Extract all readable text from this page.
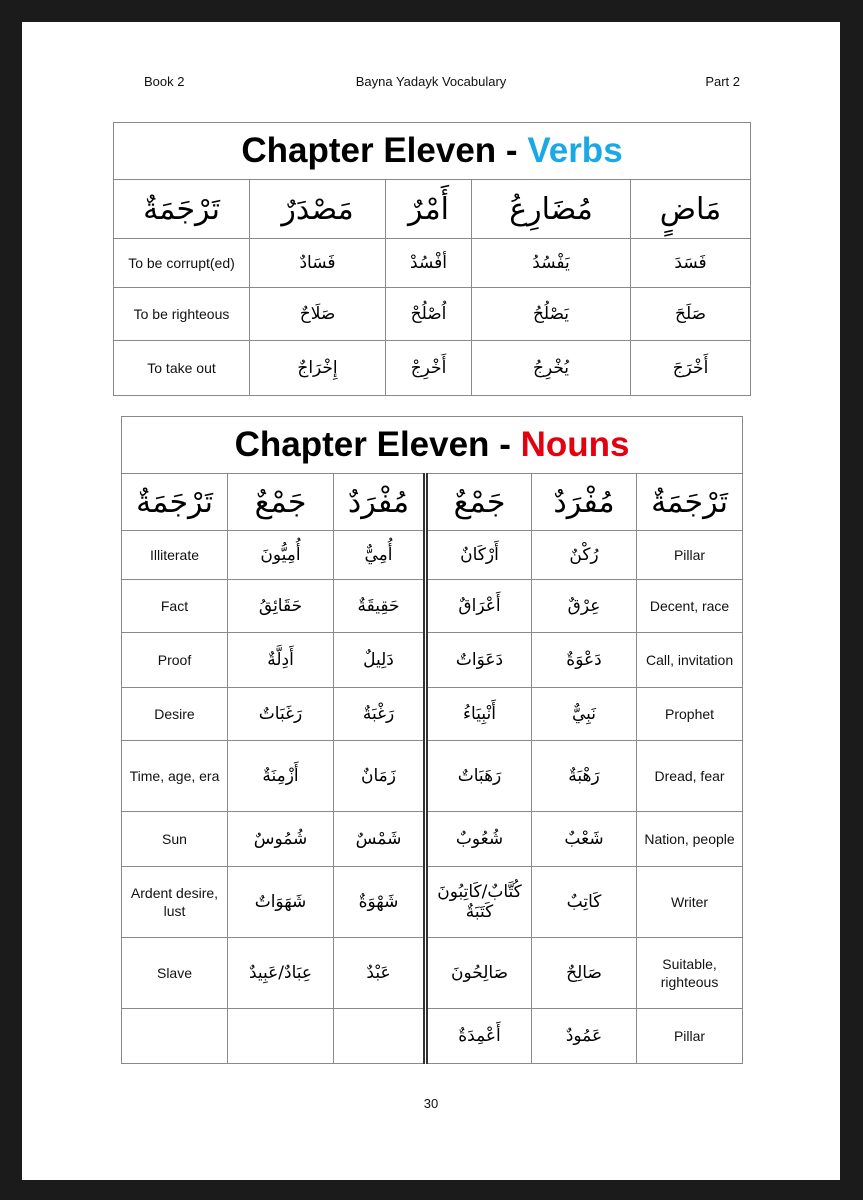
Book 2	Bayna Yadayk Vocabulary	Part 2
Chapter Eleven - Verbs				
تَرْجَمَةٌ	مَصْدَرٌ	أَمْرٌ	مُضَارِعُ	مَاضٍ
To be corrupt(ed)	فَسَادٌ	أفْسُدْ	يَفْسُدُ	فَسَدَ
To be righteous	صَلَاحٌ	اُصْلُحْ	يَصْلُحُ	صَلَحَ
To take out	إِخْرَاجٌ	أَخْرِجْ	يُخْرِجُ	أَخْرَجَ
Chapter Eleven - Nouns					
تَرْجَمَةٌ	جَمْعٌ	مُفْرَدٌ	جَمْعٌ	مُفْرَدٌ	تَرْجَمَةٌ
Illiterate	أُمِيُّونَ	أُمِيٌّ	أَرْكَانٌ	رُكْنٌ	Pillar
Fact	حَقَائِقُ	حَقِيقَةٌ	أَعْرَاقٌ	عِرْقٌ	Decent, race
Proof	أَدِلَّةٌ	دَلِيلٌ	دَعَوَاتٌ	دَعْوَةٌ	Call, invitation
Desire	رَغَبَاتٌ	رَغْبَةٌ	أَنْبِيَاءُ	نَبِيٌّ	Prophet
Time, age, era	أَزْمِنَةٌ	زَمَانٌ	رَهَبَاتٌ	رَهْبَةٌ	Dread, fear
Sun	شُمُوسٌ	شَمْسٌ	شُعُوبٌ	شَعْبٌ	Nation, people
Ardent desire, lust	شَهَوَاتٌ	شَهْوَةٌ	كُتَّابٌ/كَاتِبُونَ كَتَبَةٌ	كَاتِبٌ	Writer
Slave	عِبَادٌ/عَبِيدٌ	عَبْدٌ	صَالِحُونَ	صَالِحٌ	Suitable, righteous
			أَعْمِدَةٌ	عَمُودٌ	Pillar
30
